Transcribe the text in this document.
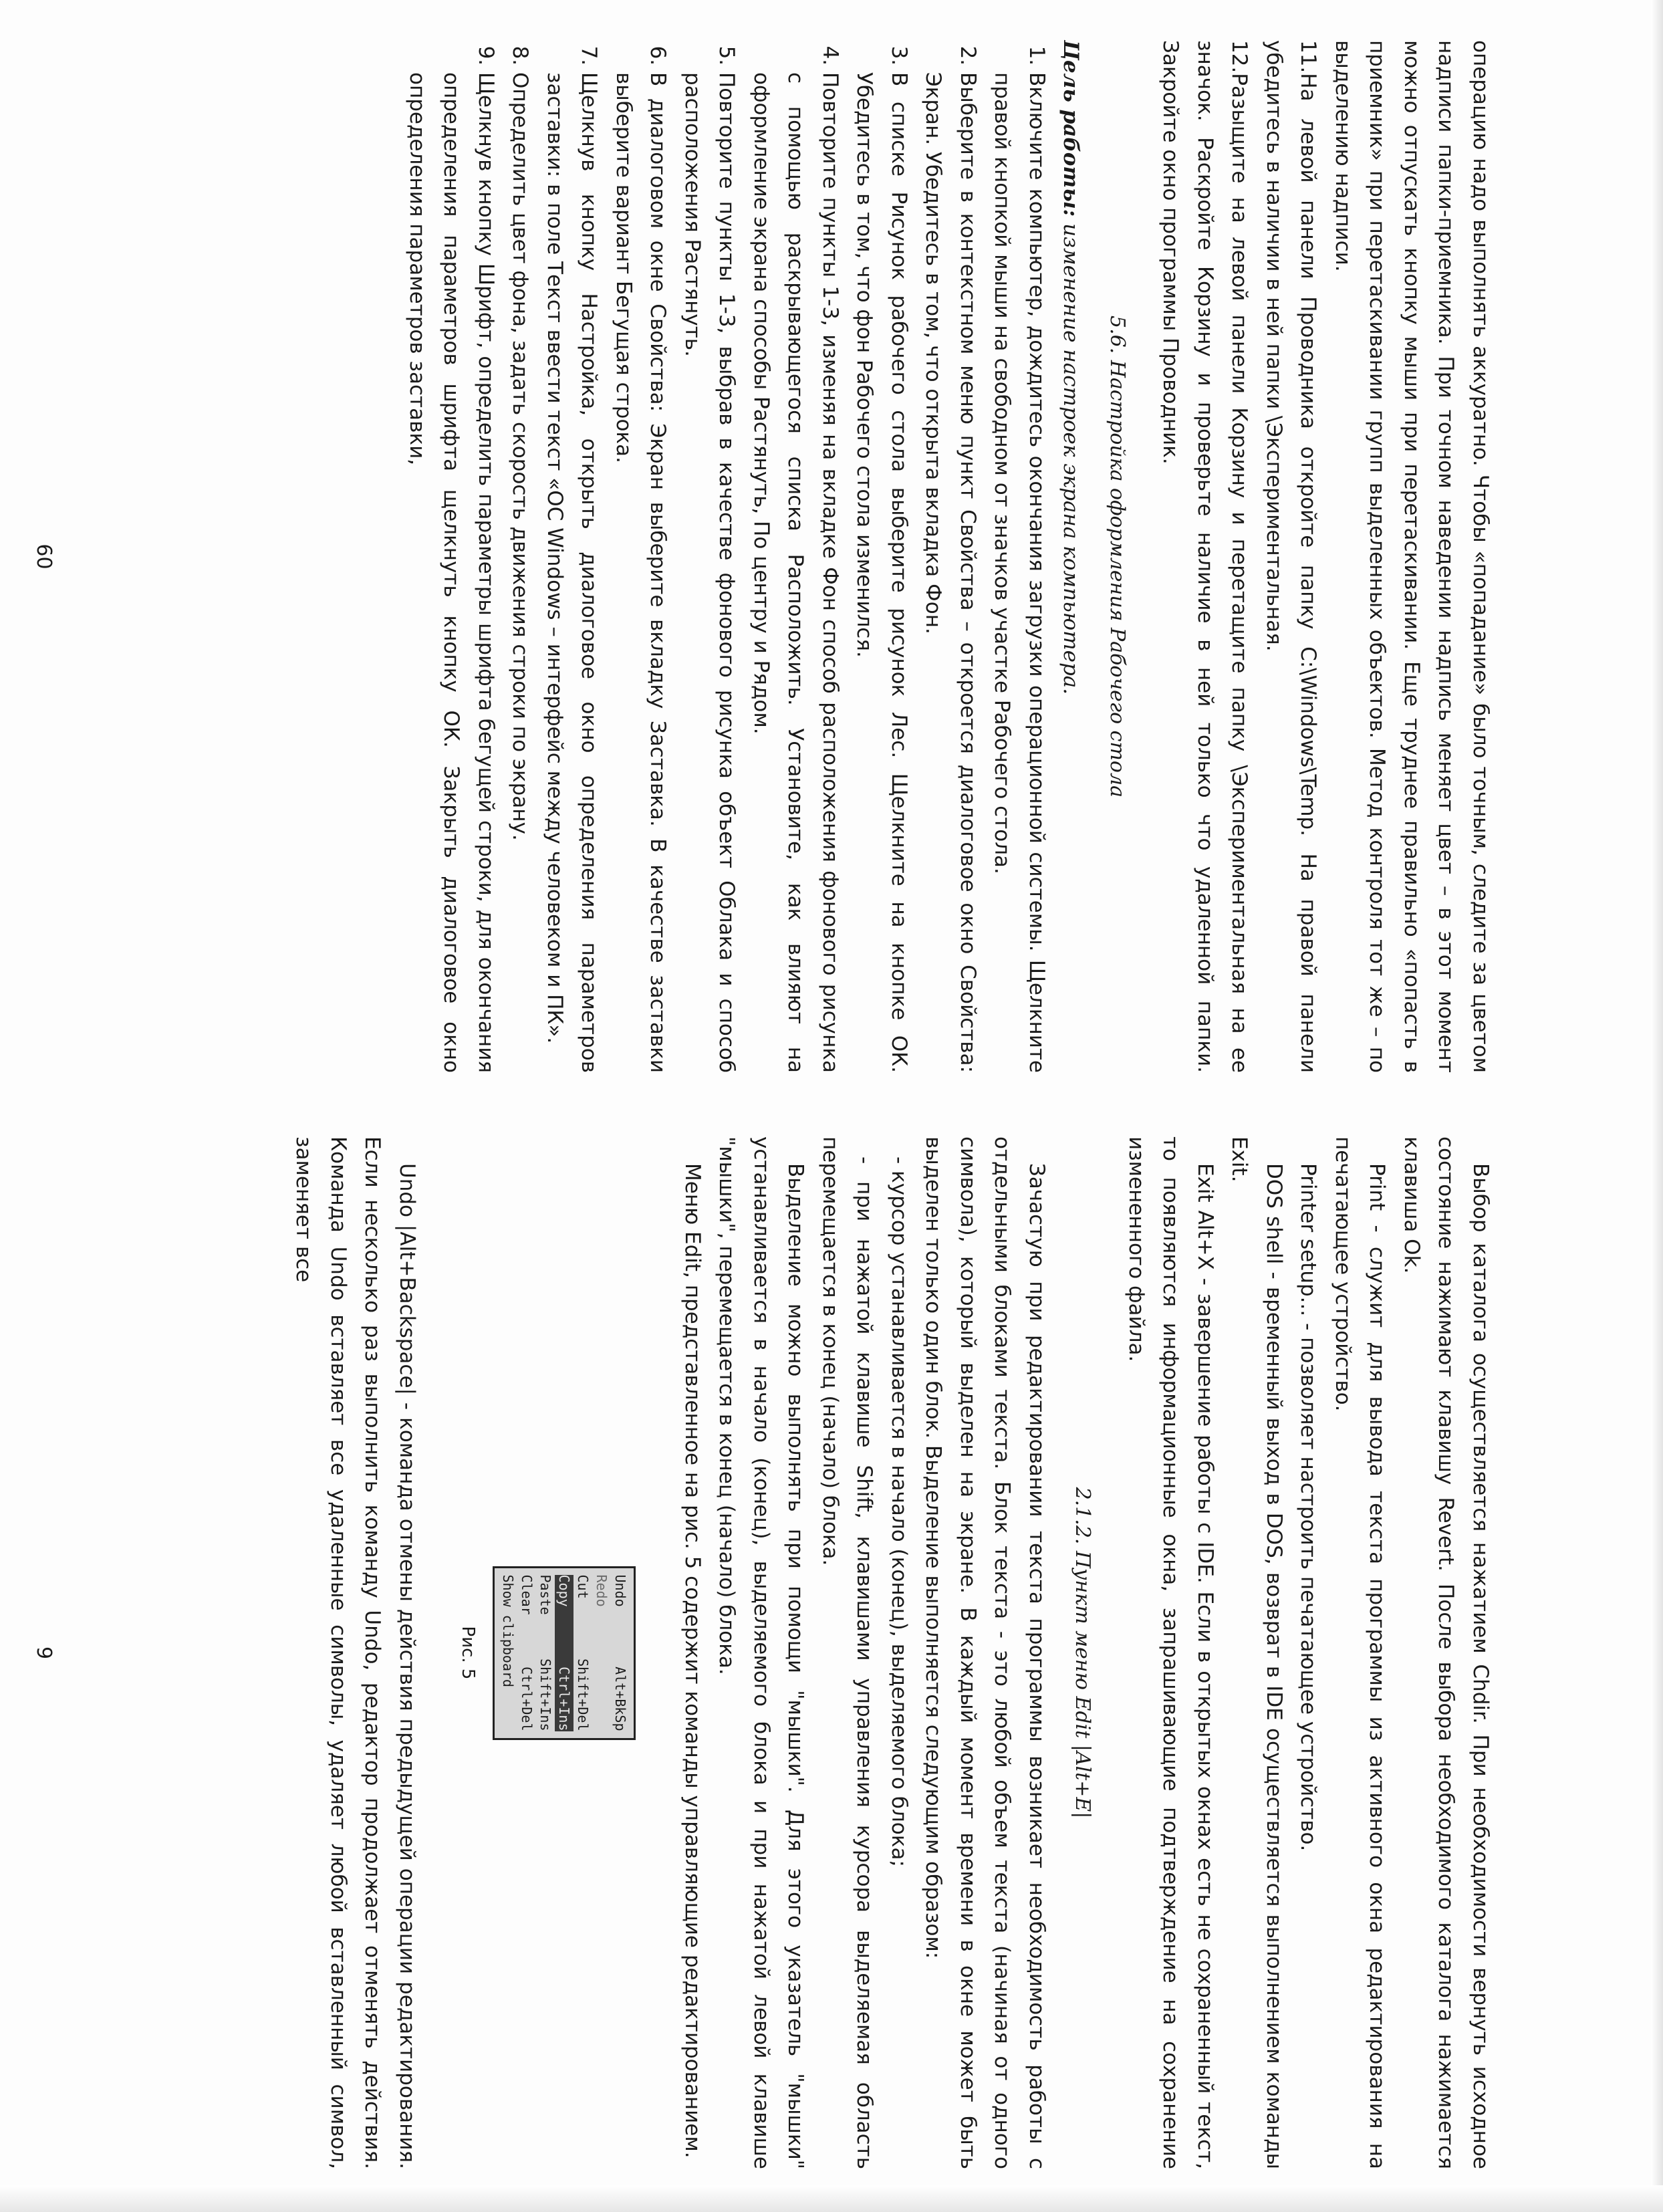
операцию надо выполнять аккуратно. Чтобы «попадание» было точным, следите за цветом надписи папки-приемника. При точном наведении надпись меняет цвет – в этот момент можно отпускать кнопку мыши при перетаскивании. Еще труднее правильно «попасть в приемник» при перетаскивании групп выделенных объектов. Метод контроля тот же – по выделению надписи.

11.На левой панели Проводника откройте папку C:\Windows\Temp. На правой панели убедитесь в наличии в ней папки \Экспериментальная.

12.Разыщите на левой панели Корзину и перетащите папку \Экспериментальная на ее значок. Раскройте Корзину и проверьте наличие в ней только что удаленной папки. Закройте окно программы Проводник.

5.6. Настройка оформления Рабочего стола

Цель работы: изменение настроек экрана компьютера.

1. Включите компьютер, дождитесь окончания загрузки операционной системы. Щелкните правой кнопкой мыши на свободном от значков участке Рабочего стола.
2. Выберите в контекстном меню пункт Свойства – откроется диалоговое окно Свойства: Экран. Убедитесь в том, что открыта вкладка Фон.
3. В списке Рисунок рабочего стола выберите рисунок Лес. Щелкните на кнопке ОК. Убедитесь в том, что фон Рабочего стола изменился.
4. Повторите пункты 1-3, изменяя на вкладке Фон способ расположения фонового рисунка с помощью раскрывающегося списка Расположить. Установите, как влияют на оформление экрана способы Растянуть, По центру и Рядом.
5. Повторите пункты 1-3, выбрав в качестве фонового рисунка объект Облака и способ расположения Растянуть.
6. В диалоговом окне Свойства: Экран выберите вкладку Заставка. В качестве заставки выберите вариант Бегущая строка.
7. Щелкнув кнопку Настройка, открыть диалоговое окно определения параметров заставки: в поле Текст ввести текст «ОС Windows – интерфейс между человеком и ПК».
8. Определить цвет фона, задать скорость движения строки по экрану.
9. Щелкнув кнопку Шрифт, определить параметры шрифта бегущей строки, для окончания определения параметров шрифта щелкнуть кнопку ОК. Закрыть диалоговое окно определения параметров заставки,
60

Выбор каталога осуществляется нажатием Chdir. При необходимости вернуть исходное состояние нажимают клавишу Revert. После выбора необходимого каталога нажимается клавиша Ok.

Print - служит для вывода текста программы из активного окна редактирования на печатающее устройство.

Printer setup... - позволяет настроить печатающее устройство.

DOS shell - временный выход в DOS, возврат в IDE осуществляется выполнением команды Exit.

Exit Alt+X - завершение работы с IDE. Если в открытых окнах есть не сохраненный текст, то появляются информационные окна, запрашивающие подтверждение на сохранение измененного файла.

2.1.2. Пункт меню Edit |Alt+E|

Зачастую при редактировании текста программы возникает необходимость работы с отдельными блоками текста. Блок текста - это любой объем текста (начиная от одного символа), который выделен на экране. В каждый момент времени в окне может быть выделен только один блок. Выделение выполняется следующим образом:

- курсор устанавливается в начало (конец), выделяемого блока;

- при нажатой клавише Shift, клавишами управления курсора выделяемая область перемещается в конец (начало) блока.

Выделение можно выполнять при помощи "мышки". Для этого указатель "мышки" устанавливается в начало (конец), выделяемого блока и при нажатой левой клавише "мышки", перемещается в конец (начало) блока.

Меню Edit, представленное на рис. 5 содержит команды управляющие редактированием.

Undo
Alt+BkSp
Redo
Cut
Shift+Del
Copy
Ctrl+Ins
Paste
Shift+Ins
Clear
Ctrl+Del
Show clipboard
Рис. 5

Undo |Alt+Backspace| - команда отмены действия предыдущей операции редактирования. Если несколько раз выполнить команду Undo, редактор продолжает отменять действия. Команда Undo вставляет все удаленные символы, удаляет любой вставленный символ, заменяет все

9
